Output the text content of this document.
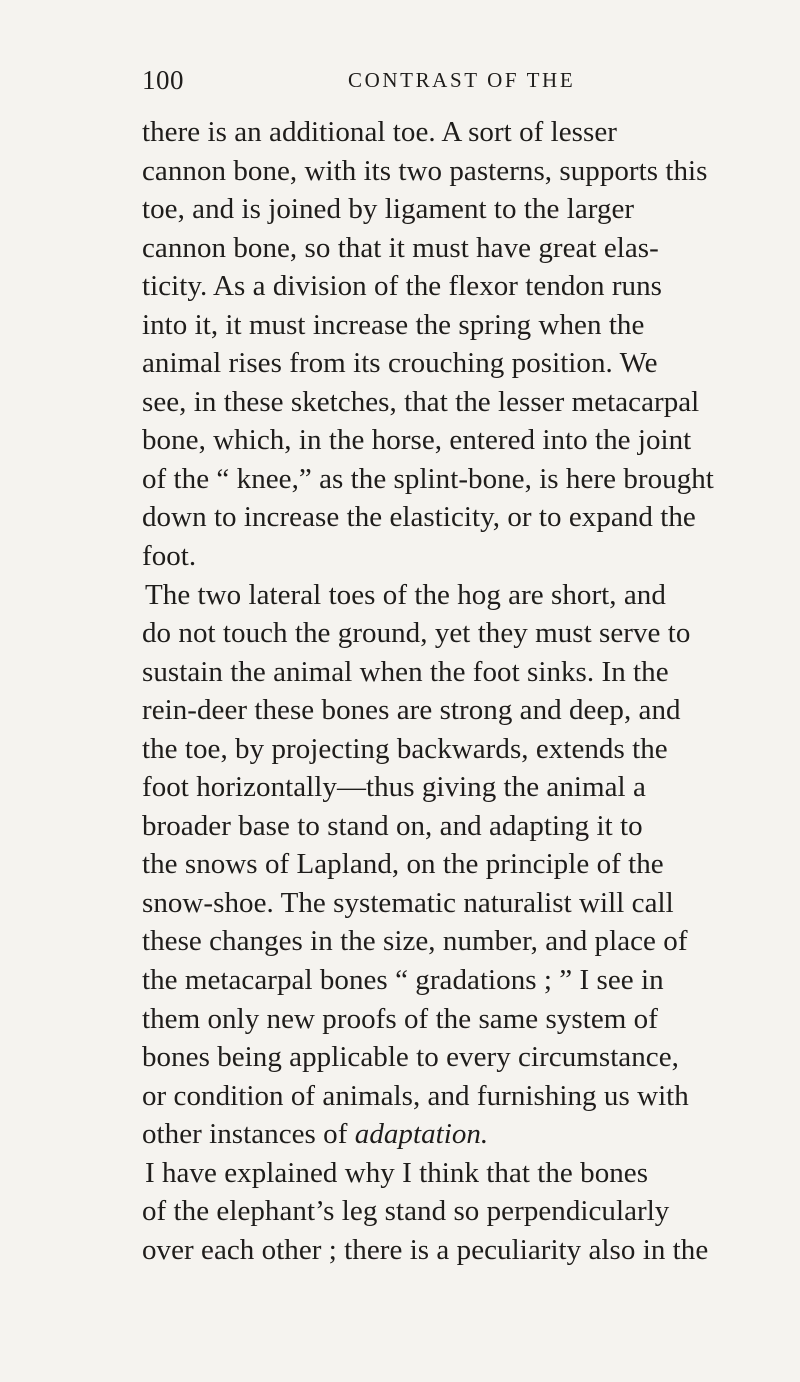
100	CONTRAST OF THE
there is an additional toe. A sort of lesser
cannon bone, with its two pasterns, supports this
toe, and is joined by ligament to the larger
cannon bone, so that it must have great elas-
ticity. As a division of the flexor tendon runs
into it, it must increase the spring when the
animal rises from its crouching position. We
see, in these sketches, that the lesser metacarpal
bone, which, in the horse, entered into the joint
of the “ knee,” as the splint-bone, is here brought
down to increase the elasticity, or to expand the
foot.
The two lateral toes of the hog are short, and
do not touch the ground, yet they must serve to
sustain the animal when the foot sinks. In the
rein-deer these bones are strong and deep, and
the toe, by projecting backwards, extends the
foot horizontally—thus giving the animal a
broader base to stand on, and adapting it to
the snows of Lapland, on the principle of the
snow-shoe. The systematic naturalist will call
these changes in the size, number, and place of
the metacarpal bones “ gradations ; ” I see in
them only new proofs of the same system of
bones being applicable to every circumstance,
or condition of animals, and furnishing us with
other instances of adaptation.
I have explained why I think that the bones
of the elephant’s leg stand so perpendicularly
over each other ; there is a peculiarity also in the
